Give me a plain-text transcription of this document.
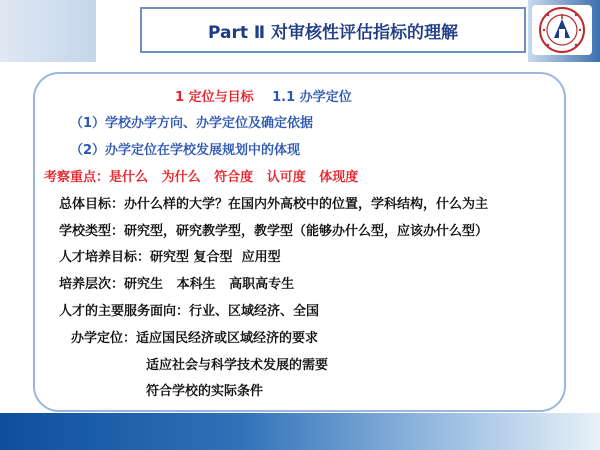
Part Ⅱ 对审核性评估指标的理解
1 定位与目标 1.1 办学定位
（1）学校办学方向、办学定位及确定依据
（2）办学定位在学校发展规划中的体现
考察重点：是什么   为什么   符合度   认可度   体现度
总体目标：办什么样的大学？在国内外高校中的位置，学科结构，什么为主
学校类型：研究型，研究教学型，教学型（能够办什么型，应该办什么型）
人才培养目标：研究型 复合型  应用型
培养层次：研究生   本科生   高职高专生
人才的主要服务面向：行业、区域经济、全国
办学定位：适应国民经济或区域经济的要求
适应社会与科学技术发展的需要
符合学校的实际条件
